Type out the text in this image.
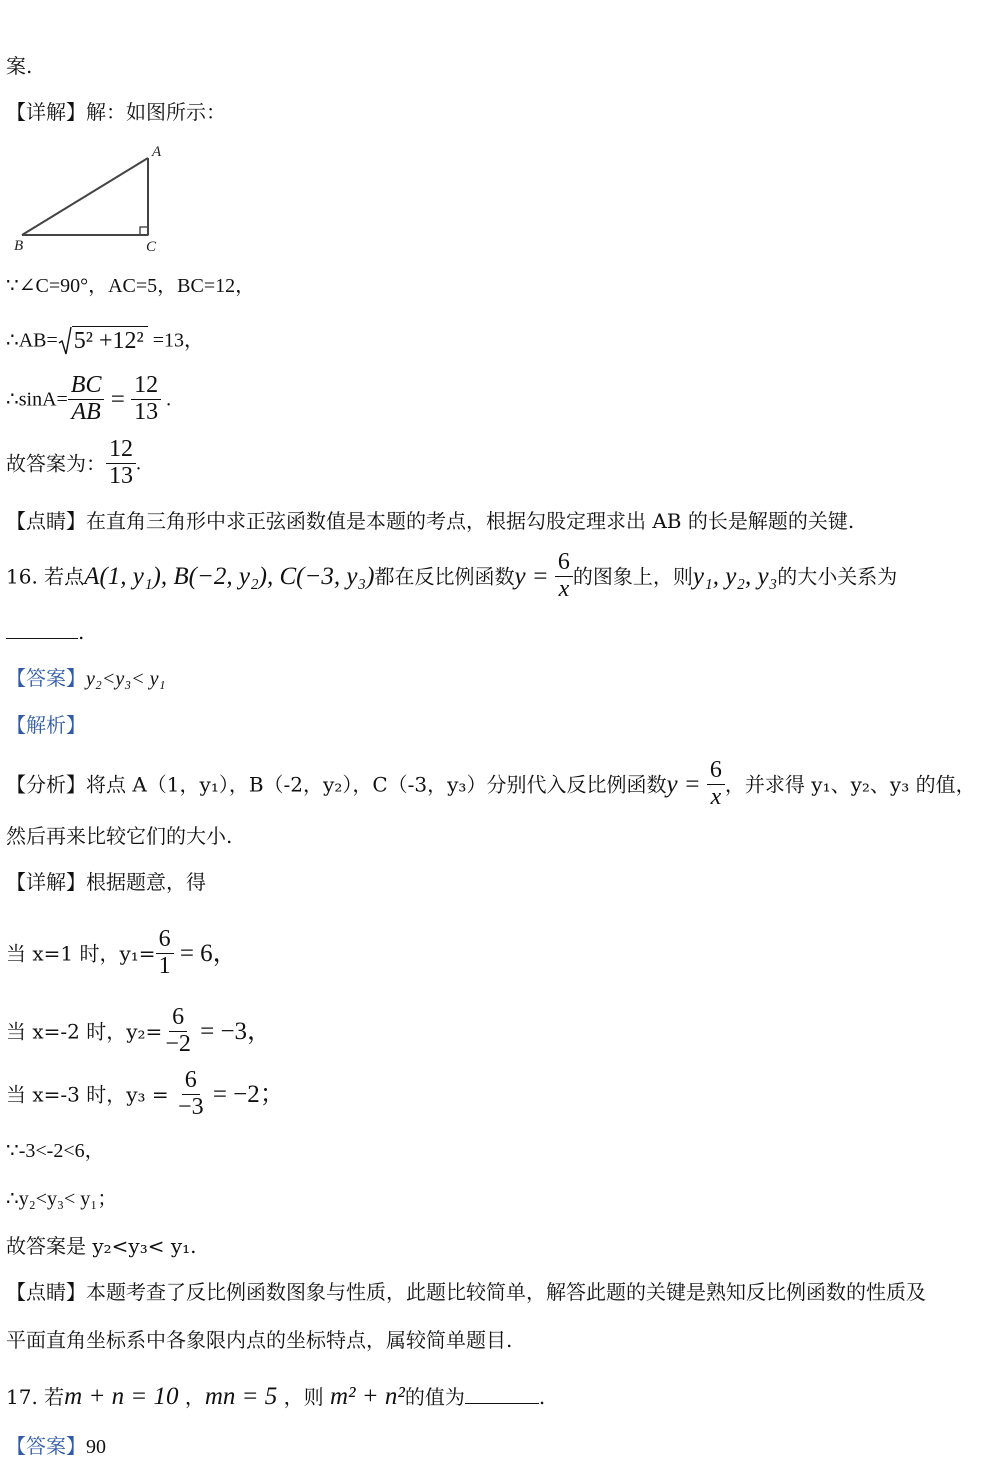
案.
【详解】解：如图所示：
A
B	C
∵∠C=90°，AC=5，BC=12，
∴AB= 5² +12² =13，
∴sinA= $\frac{BC}{AB} = \frac{12}{13}$ .
故答案为： $\frac{12}{13}$ .
【点睛】在直角三角形中求正弦函数值是本题的考点，根据勾股定理求出 AB 的长是解题的关键.
16. 若点A(1, y₁), B(−2, y₂), C(−3, y₃)都在反比例函数$y = \frac{6}{x}$ 的图象上，则y₁, y₂, y₃的大小关系为
.
【答案】y₂<y₃< y₁
【解析】
【分析】将点 A（1，y₁），B（-2，y₂），C（-3，y₃）分别代入反比例函数$y = \frac{6}{x}$ ，并求得 y₁、y₂、y₃ 的值，
然后再来比较它们的大小.
【详解】根据题意，得
当 x=1 时，$y_1= \frac{6}{1} = 6$，
当 x=-2 时，$y_2= \frac{6}{-2} = -3$，
当 x=-3 时，$y_3 = \frac{6}{-3} = -2$；
∵-3<-2<6，
∴y₂<y₃< y₁；
故答案是 y₂<y₃< y₁.
【点睛】本题考查了反比例函数图象与性质，此题比较简单，解答此题的关键是熟知反比例函数的性质及
平面直角坐标系中各象限内点的坐标特点，属较简单题目.
17. 若m + n = 10 ，mn = 5 ，则 m² + n²的值为	.
【答案】90
